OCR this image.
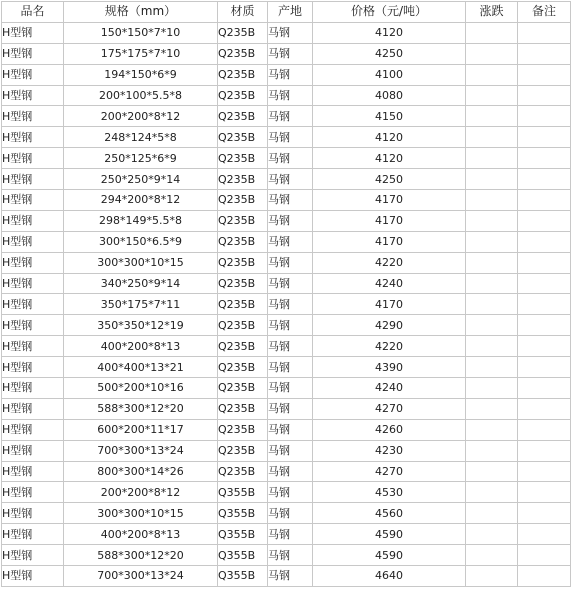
品名	规格（mm）	材质	产地	价格（元/吨）	涨跌	备注
H型钢	150*150*7*10	Q235B	马钢	4120		
H型钢	175*175*7*10	Q235B	马钢	4250		
H型钢	194*150*6*9	Q235B	马钢	4100		
H型钢	200*100*5.5*8	Q235B	马钢	4080		
H型钢	200*200*8*12	Q235B	马钢	4150		
H型钢	248*124*5*8	Q235B	马钢	4120		
H型钢	250*125*6*9	Q235B	马钢	4120		
H型钢	250*250*9*14	Q235B	马钢	4250		
H型钢	294*200*8*12	Q235B	马钢	4170		
H型钢	298*149*5.5*8	Q235B	马钢	4170		
H型钢	300*150*6.5*9	Q235B	马钢	4170		
H型钢	300*300*10*15	Q235B	马钢	4220		
H型钢	340*250*9*14	Q235B	马钢	4240		
H型钢	350*175*7*11	Q235B	马钢	4170		
H型钢	350*350*12*19	Q235B	马钢	4290		
H型钢	400*200*8*13	Q235B	马钢	4220		
H型钢	400*400*13*21	Q235B	马钢	4390		
H型钢	500*200*10*16	Q235B	马钢	4240		
H型钢	588*300*12*20	Q235B	马钢	4270		
H型钢	600*200*11*17	Q235B	马钢	4260		
H型钢	700*300*13*24	Q235B	马钢	4230		
H型钢	800*300*14*26	Q235B	马钢	4270		
H型钢	200*200*8*12	Q355B	马钢	4530		
H型钢	300*300*10*15	Q355B	马钢	4560		
H型钢	400*200*8*13	Q355B	马钢	4590		
H型钢	588*300*12*20	Q355B	马钢	4590		
H型钢	700*300*13*24	Q355B	马钢	4640		
